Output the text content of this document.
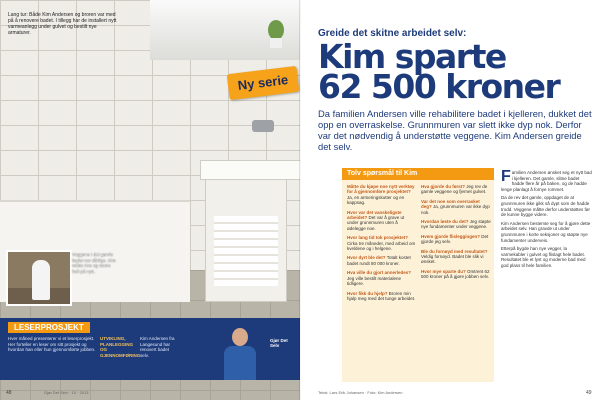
Lang tur: Både Kim Andersen og broren var med på å renovere badet. I tillegg har de installert nytt varmeanlegg under gulvet og bestilt nye armaturer.
Ny serie
Veggene i det gamle badet var dårlige. Kim måtte rive og starte helt på nytt.
LESERPROSJEKT
Hver måned presenterer vi et leserprosjekt. Her forteller en leser om sitt prosjekt og hvordan han eller hun gjennomførte jobben.
UTVIKLING, PLANLEGGING OG GJENNOMFØRING
Kim Andersen fra Langesund har renovert badet selv.
Gjør Det Selv
48	Gjør Det Selv · 10 · 2013
Greide det skitne arbeidet selv:
Kim sparte
62 500 kroner
Da familien Andersen ville rehabilitere badet i kjelleren, dukket det opp en overraskelse. Grunnmuren var slett ikke dyp nok. Derfor var det nødvendig å understøtte veggene. Kim Andersen greide det selv.
Tolv spørsmål til Kim

Måtte du kjøpe noe nytt verktøy for å gjennomføre prosjektet? Ja, en armeringskutter og en kappsag.

Hvor var det vanskeligste arbeidet? Det var å grave ut under grunnmuren uten å ødelegge noe.

Hvor lang tid tok prosjektet? Cirka tre måneder, med arbeid om kveldene og i helgene.

Hvor dyrt ble det? Totalt kostet badet rundt 80 000 kroner.

Hva ville du gjort annerledes? Jeg ville bestilt materialene tidligere.

Hvor fikk du hjelp? Broren min hjalp meg med det tunge arbeidet.

Hva gjorde du først? Jeg rev de gamle veggene og fjernet gulvet.

Var det noe som overrasket deg? Ja, grunnmuren var ikke dyp nok.

Hvordan løste du det? Jeg støpte nye fundamenter under veggene.

Hvem gjorde flisleggingen? Det gjorde jeg selv.

Ble du fornøyd med resultatet? Veldig fornøyd. Badet ble slik vi ønsket.

Hvor mye sparte du? Omtrent 62 500 kroner på å gjøre jobben selv.

Familien Andersen ønsket seg et nytt bad i kjelleren. Det gamle, slitne badet hadde flere år på baken, og de hadde lenge planlagt å fornye rommet.

Da de rev det gamle, oppdaget de at grunnmuren ikke gikk så dypt som de hadde trodd. Veggene måtte derfor understøttes før de kunne bygge videre.

Kim Andersen bestemte seg for å gjøre dette arbeidet selv. Han gravde ut under grunnmuren i korte seksjoner og støpte nye fundamenter underveis.

Etterpå bygde han nye vegger, la varmekabler i gulvet og flislagt hele badet. Resultatet ble et lyst og moderne bad med god plass til hele familien.

Tekst: Lars Erik Johansen · Foto: Kim Andersen	49
